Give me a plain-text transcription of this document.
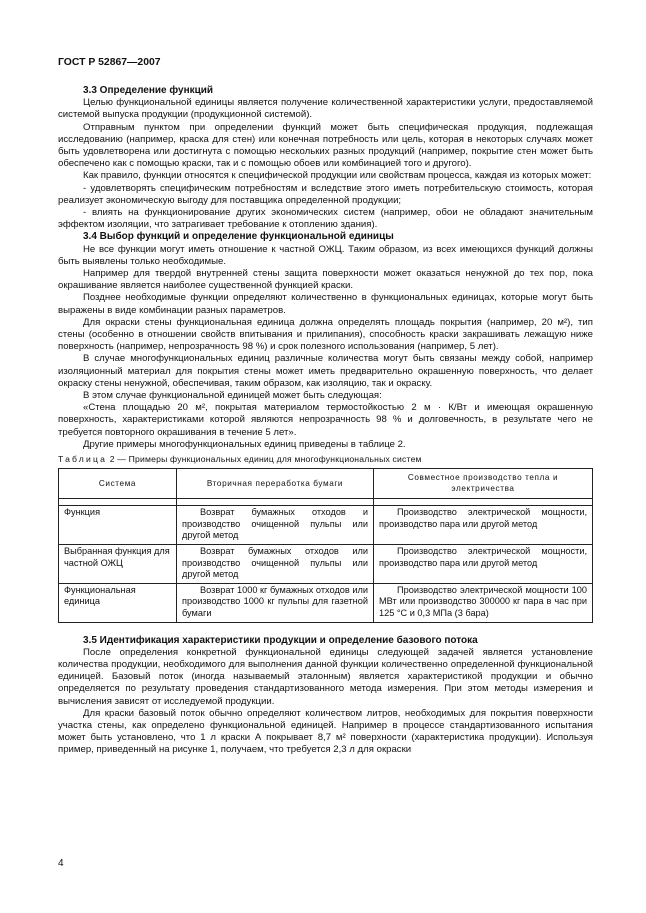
ГОСТ Р 52867—2007

3.3 Определение функций

Целью функциональной единицы является получение количественной характеристики услуги, предоставляемой системой выпуска продукции (продукционной системой).

Отправным пунктом при определении функций может быть специфическая продукция, подлежащая исследованию (например, краска для стен) или конечная потребность или цель, которая в некоторых случаях может быть удовлетворена или достигнута с помощью нескольких разных продукций (например, покрытие стен может быть обеспечено как с помощью краски, так и с помощью обоев или комбинацией того и другого).

Как правило, функции относятся к специфической продукции или свойствам процесса, каждая из которых может:

- удовлетворять специфическим потребностям и вследствие этого иметь потребительскую стоимость, которая реализует экономическую выгоду для поставщика определенной продукции;

- влиять на функционирование других экономических систем (например, обои не обладают значительным эффектом изоляции, что затрагивает требование к отоплению здания).

3.4 Выбор функций и определение функциональной единицы

Не все функции могут иметь отношение к частной ОЖЦ. Таким образом, из всех имеющихся функций должны быть выявлены только необходимые.

Например для твердой внутренней стены защита поверхности может оказаться ненужной до тех пор, пока окрашивание является наиболее существенной функцией краски.

Позднее необходимые функции определяют количественно в функциональных единицах, которые могут быть выражены в виде комбинации разных параметров.

Для окраски стены функциональная единица должна определять площадь покрытия (например, 20 м²), тип стены (особенно в отношении свойств впитывания и прилипания), способность краски закрашивать лежащую ниже поверхность (например, непрозрачность 98 %) и срок полезного использования (например, 5 лет).

В случае многофункциональных единиц различные количества могут быть связаны между собой, например изоляционный материал для покрытия стены может иметь предварительно окрашенную поверхность, что делает окраску стены ненужной, обеспечивая, таким образом, как изоляцию, так и окраску.

В этом случае функциональной единицей может быть следующая:

«Стена площадью 20 м², покрытая материалом термостойкостью 2 м · К/Вт и имеющая окрашенную поверхность, характеристиками которой являются непрозрачность 98 % и долговечность, в результате чего не требуется повторного окрашивания в течение 5 лет».

Другие примеры многофункциональных единиц приведены в таблице 2.

Таблица 2 — Примеры функциональных единиц для многофункциональных систем

Система	Вторичная переработка бумаги	Совместное производство тепла и электричества

Функция	Возврат бумажных отходов и производство очищенной пульпы или другой метод	Производство электрической мощности, производство пара или другой метод
Выбранная функция для частной ОЖЦ	Возврат бумажных отходов или производство очищенной пульпы или другой метод	Производство электрической мощности, производство пара или другой метод
Функциональная единица	Возврат 1000 кг бумажных отходов или производство 1000 кг пульпы для газетной бумаги	Производство электрической мощности 100 МВт или производство 300000 кг пара в час при 125 °С и 0,3 МПа (3 бара)

3.5 Идентификация характеристики продукции и определение базового потока

После определения конкретной функциональной единицы следующей задачей является установление количества продукции, необходимого для выполнения данной функции количественно определенной функциональной единицей. Базовый поток (иногда называемый эталонным) является характеристикой продукции и обычно определяется по результату проведения стандартизованного метода измерения. При этом методы измерения и вычисления зависят от исследуемой продукции.

Для краски базовый поток обычно определяют количеством литров, необходимых для покрытия поверхности участка стены, как определено функциональной единицей. Например в процессе стандартизованного испытания может быть установлено, что 1 л краски А покрывает 8,7 м² поверхности (характеристика продукции). Используя пример, приведенный на рисунке 1, получаем, что требуется 2,3 л для окраски

4
